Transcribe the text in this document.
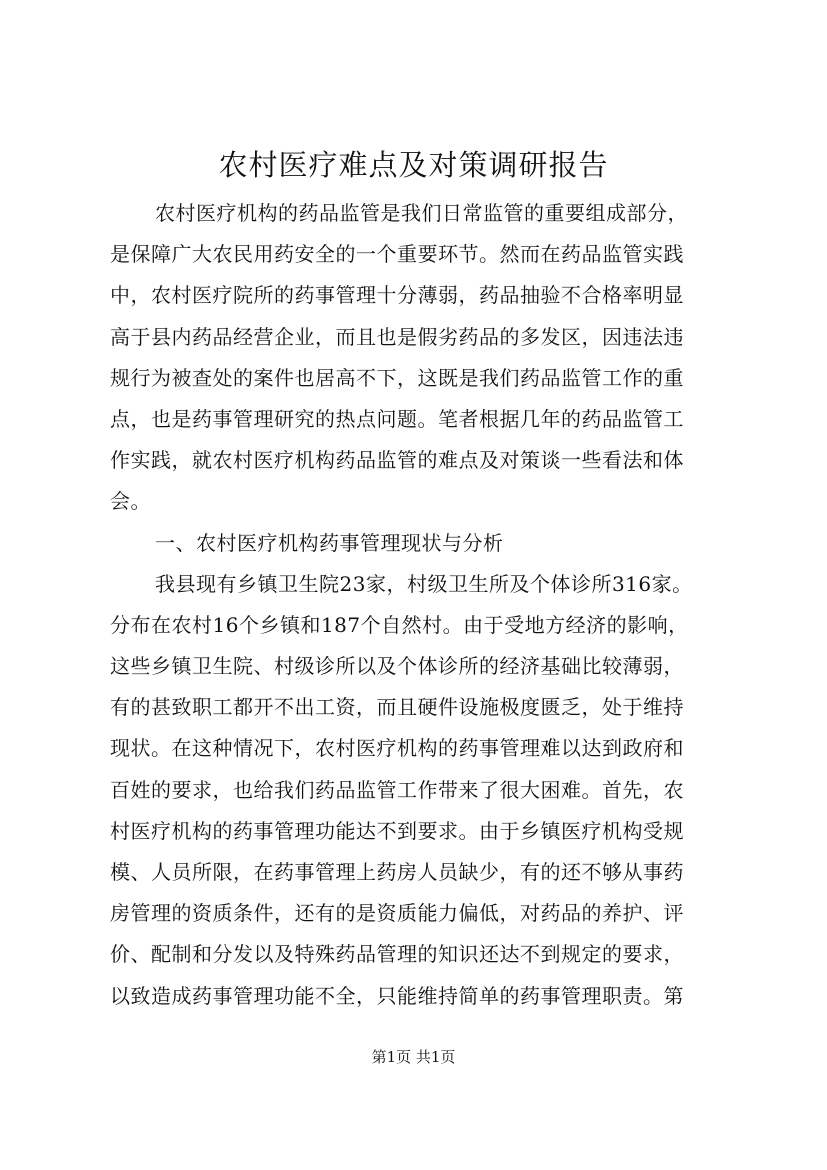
农村医疗难点及对策调研报告
农村医疗机构的药品监管是我们日常监管的重要组成部分，
是保障广大农民用药安全的一个重要环节。然而在药品监管实践
中，农村医疗院所的药事管理十分薄弱，药品抽验不合格率明显
高于县内药品经营企业，而且也是假劣药品的多发区，因违法违
规行为被查处的案件也居高不下，这既是我们药品监管工作的重
点，也是药事管理研究的热点问题。笔者根据几年的药品监管工
作实践，就农村医疗机构药品监管的难点及对策谈一些看法和体
会。
一、农村医疗机构药事管理现状与分析
我县现有乡镇卫生院23家，村级卫生所及个体诊所316家。
分布在农村16个乡镇和187个自然村。由于受地方经济的影响，
这些乡镇卫生院、村级诊所以及个体诊所的经济基础比较薄弱，
有的甚致职工都开不出工资，而且硬件设施极度匮乏，处于维持
现状。在这种情况下，农村医疗机构的药事管理难以达到政府和
百姓的要求，也给我们药品监管工作带来了很大困难。首先，农
村医疗机构的药事管理功能达不到要求。由于乡镇医疗机构受规
模、人员所限，在药事管理上药房人员缺少，有的还不够从事药
房管理的资质条件，还有的是资质能力偏低，对药品的养护、评
价、配制和分发以及特殊药品管理的知识还达不到规定的要求，
以致造成药事管理功能不全，只能维持简单的药事管理职责。第
第1页 共1页
